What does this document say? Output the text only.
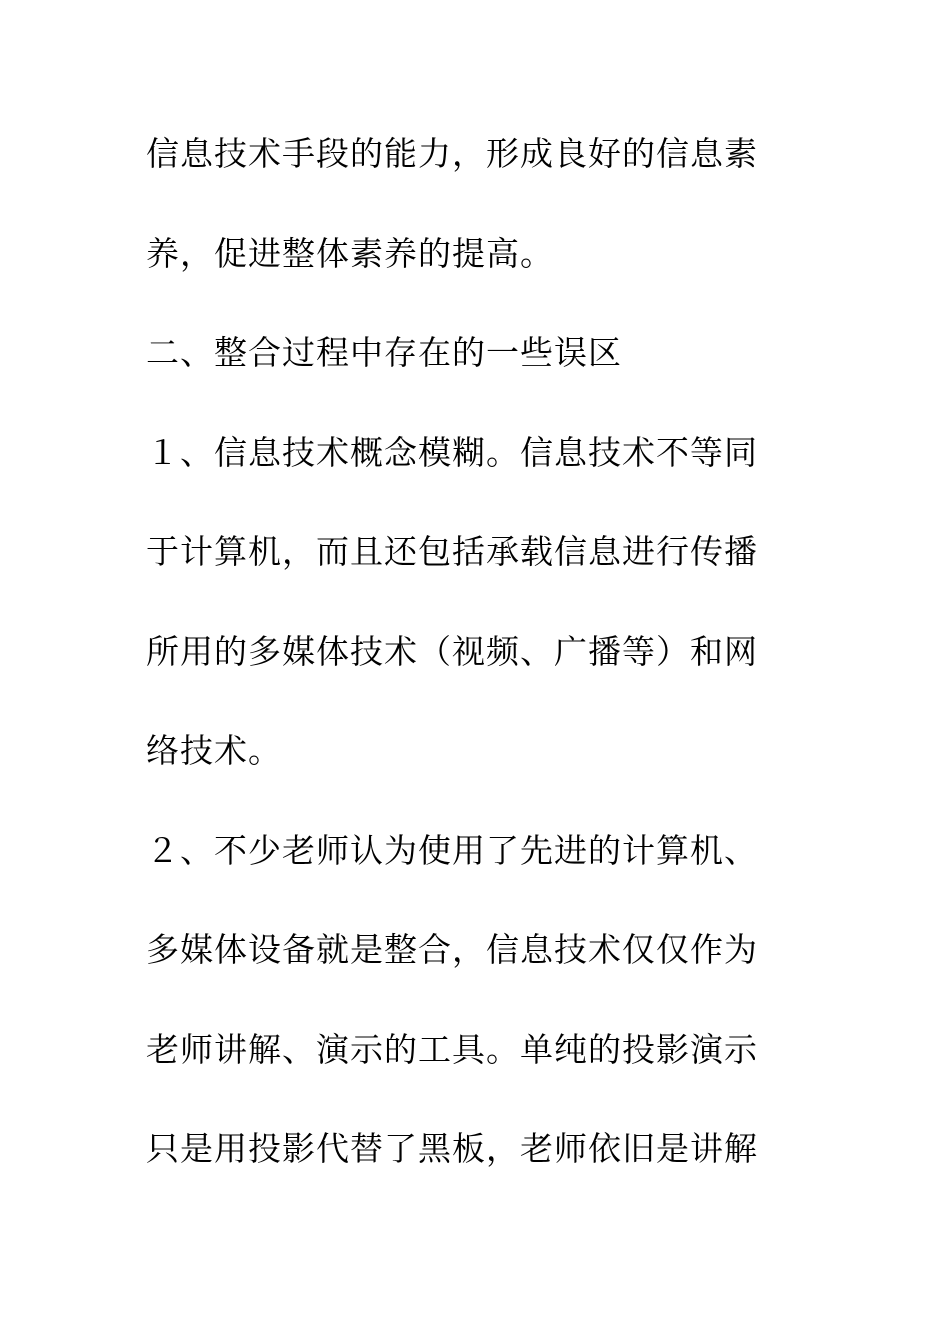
信息技术手段的能力，形成良好的信息素
养，促进整体素养的提高。
二、整合过程中存在的一些误区
１、信息技术概念模糊。信息技术不等同
于计算机，而且还包括承载信息进行传播
所用的多媒体技术（视频、广播等）和网
络技术。
２、不少老师认为使用了先进的计算机、
多媒体设备就是整合，信息技术仅仅作为
老师讲解、演示的工具。单纯的投影演示
只是用投影代替了黑板，老师依旧是讲解
